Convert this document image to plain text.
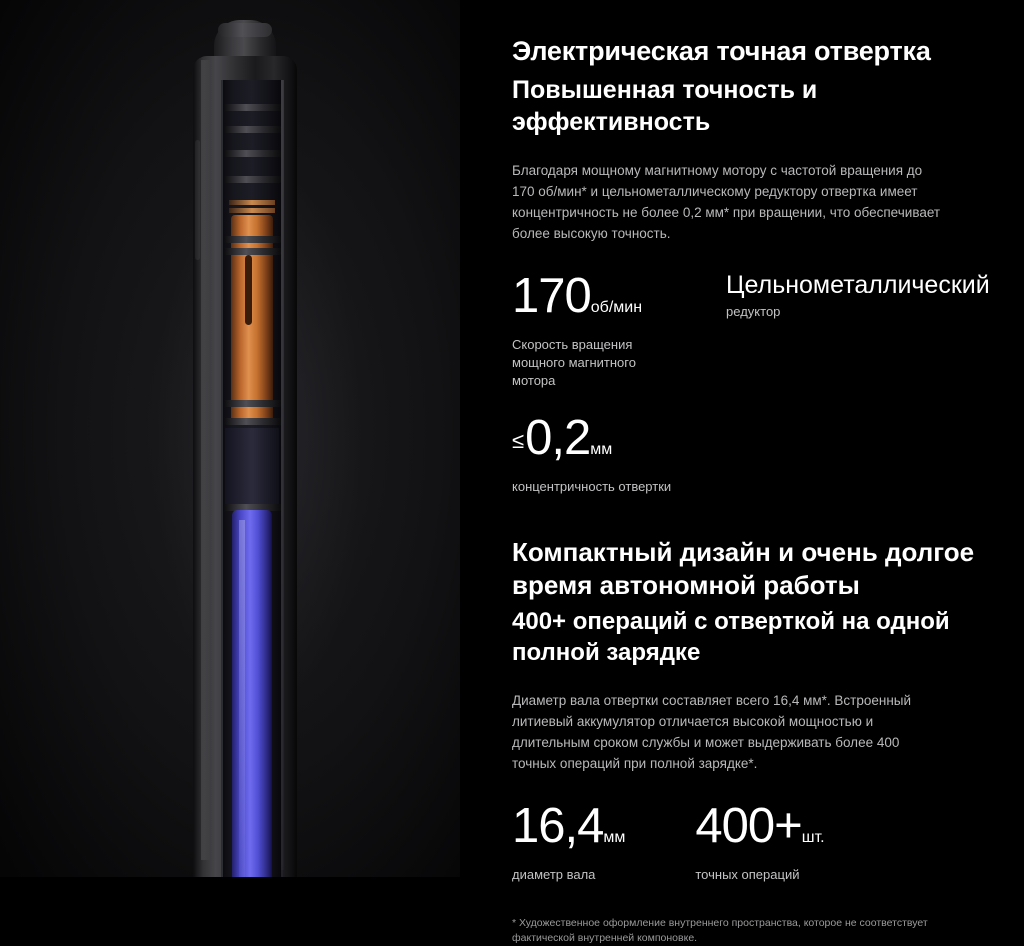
Электрическая точная отвертка
Повышенная точность и эффективность

Благодаря мощному магнитному мотору с частотой вращения до 170 об/мин* и цельнометаллическому редуктору отвертка имеет концентричность не более 0,2 мм* при вращении, что обеспечивает более высокую точность.

170об/мин
Скорость вращения
мощного магнитного мотора
Цельнометаллический
редуктор
≤0,2мм
концентричность отвертки
Компактный дизайн и очень долгое время автономной работы
400+ операций с отверткой на одной полной зарядке

Диаметр вала отвертки составляет всего 16,4 мм*. Встроенный литиевый аккумулятор отличается высокой мощностью и длительным сроком службы и может выдерживать более 400 точных операций при полной зарядке*.

16,4мм
диаметр вала
400+шт.
точных операций
* Художественное оформление внутреннего пространства, которое не соответствует фактической внутренней компоновке.
